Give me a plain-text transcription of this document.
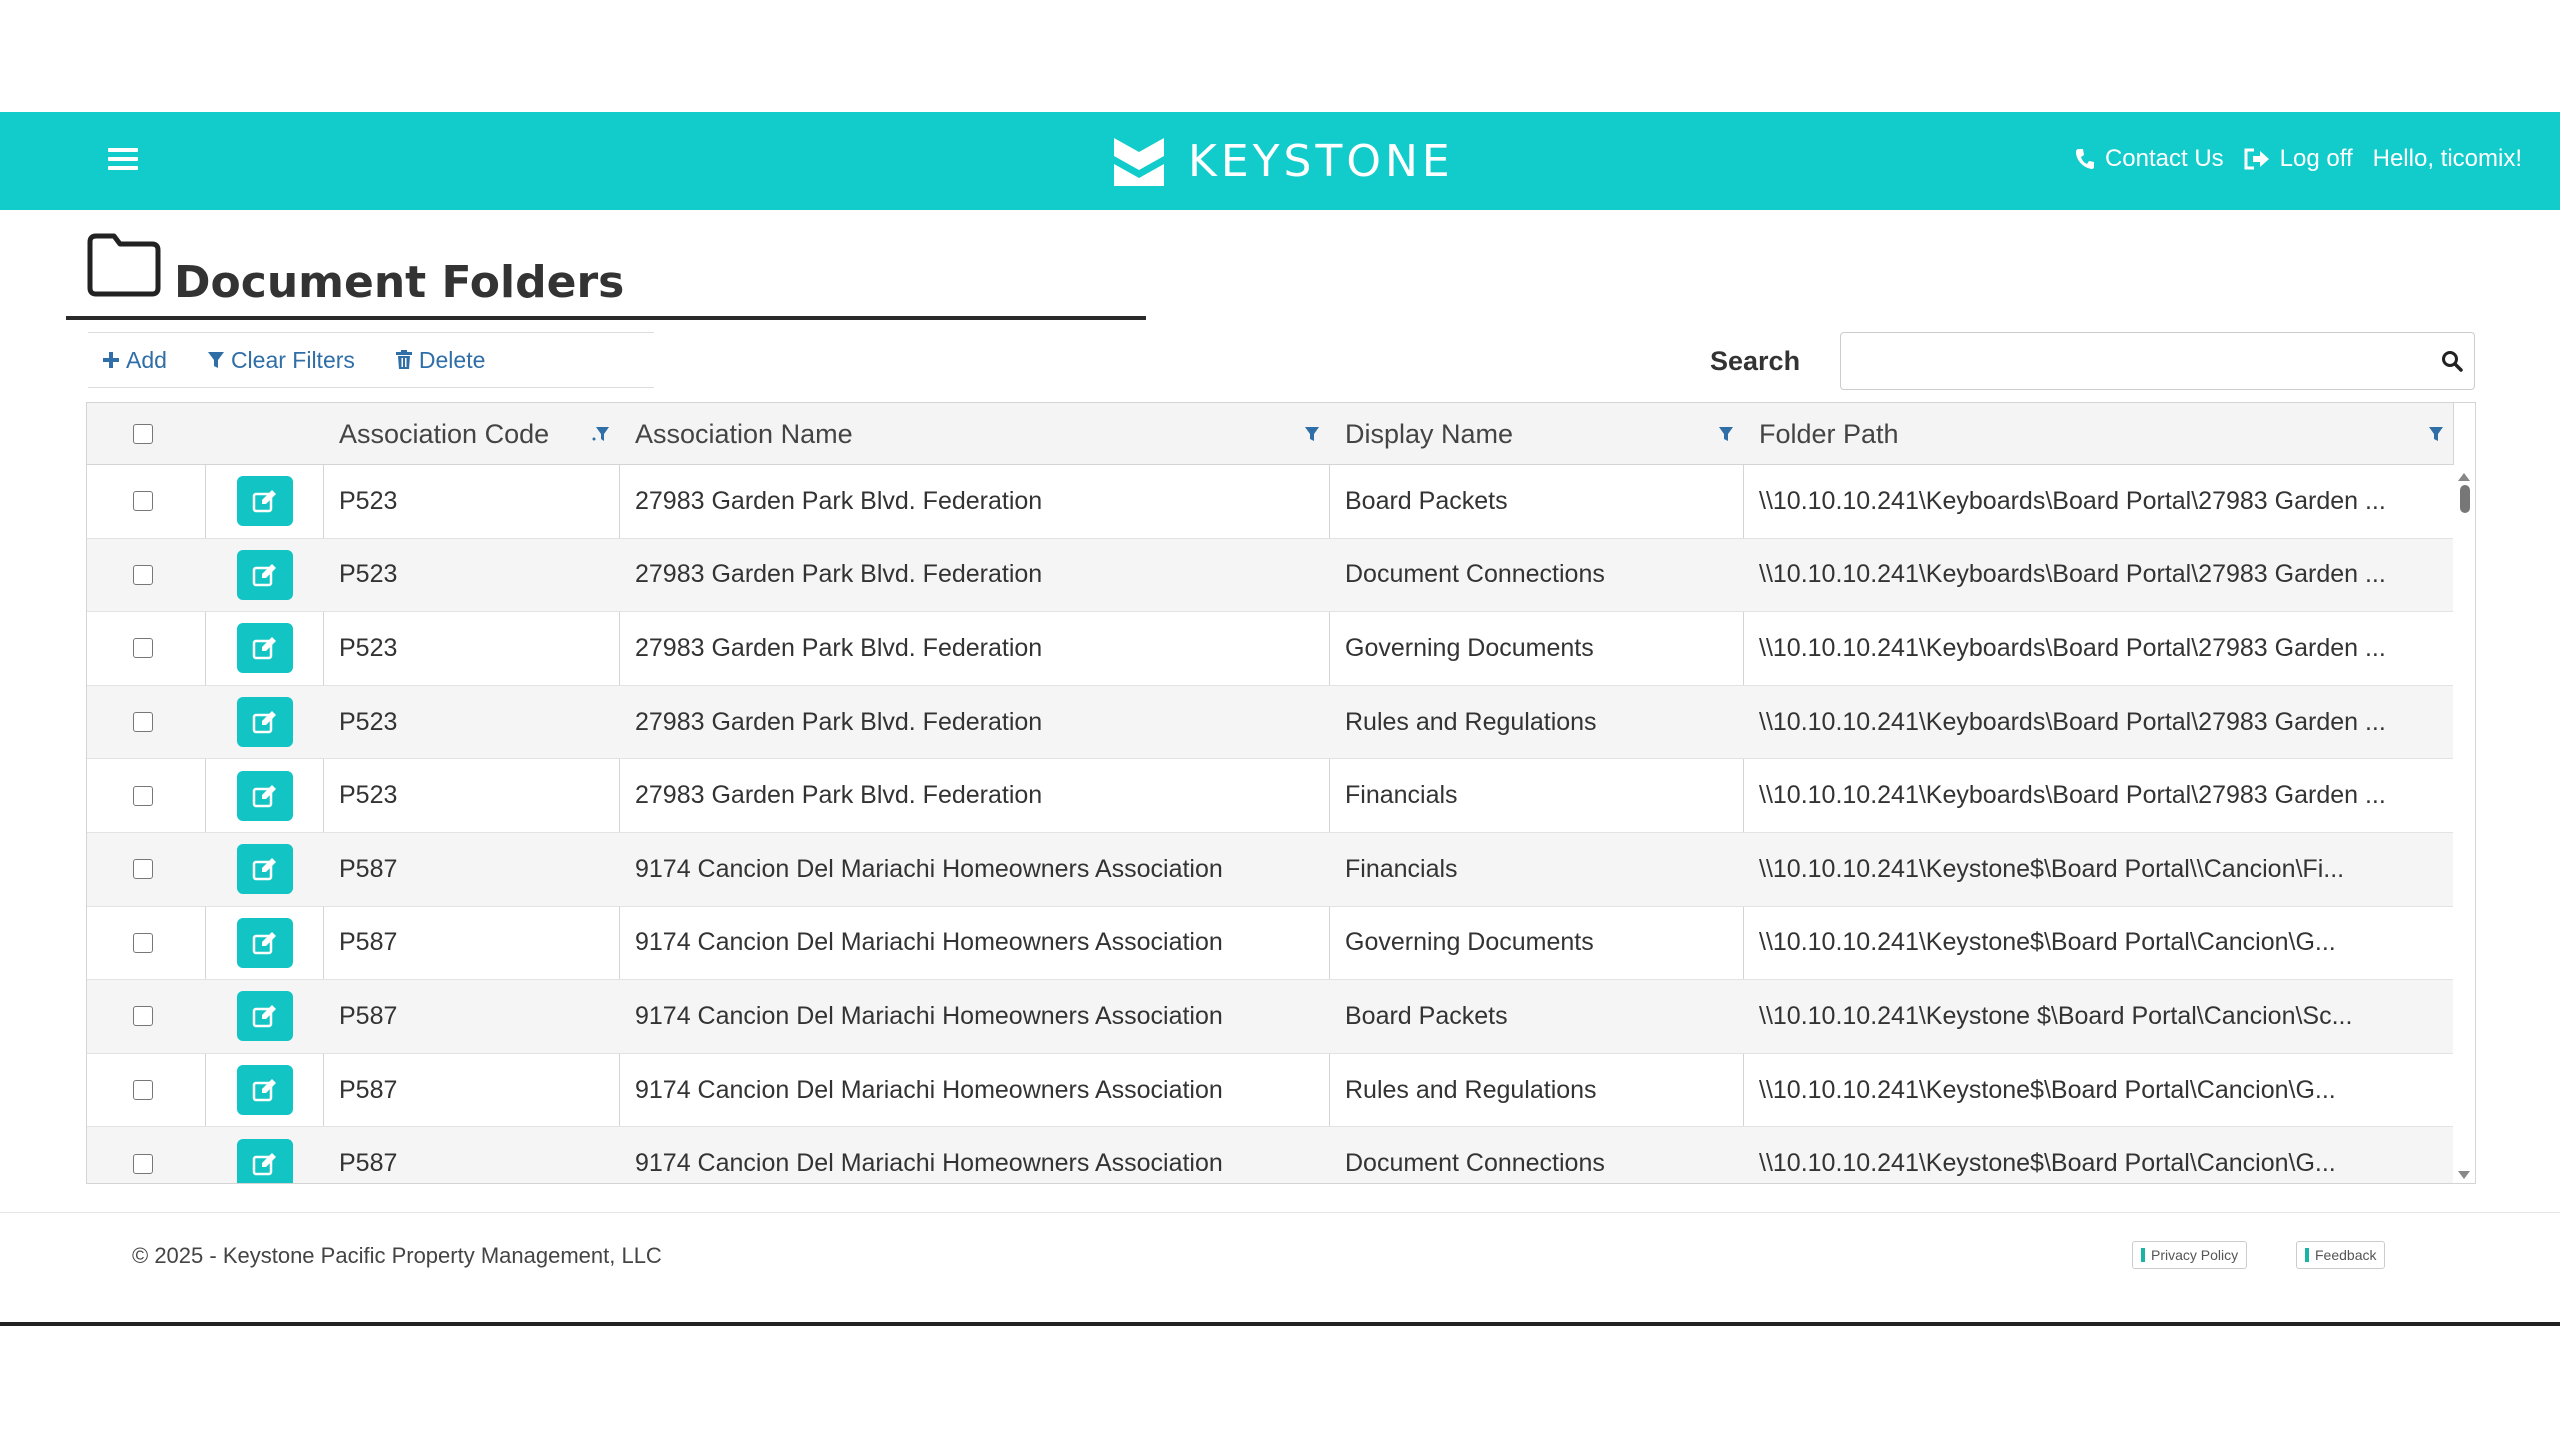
KEYSTONE	Contact Us Log off Hello, ticomix!
Document Folders
Add	Clear Filters	Delete	Search
Association Code	Association Name	Display Name	Folder Path
P523	27983 Garden Park Blvd. Federation	Board Packets	\\10.10.10.241\Keyboards\Board Portal\27983 Garden ...
P523	27983 Garden Park Blvd. Federation	Document Connections	\\10.10.10.241\Keyboards\Board Portal\27983 Garden ...
P523	27983 Garden Park Blvd. Federation	Governing Documents	\\10.10.10.241\Keyboards\Board Portal\27983 Garden ...
P523	27983 Garden Park Blvd. Federation	Rules and Regulations	\\10.10.10.241\Keyboards\Board Portal\27983 Garden ...
P523	27983 Garden Park Blvd. Federation	Financials	\\10.10.10.241\Keyboards\Board Portal\27983 Garden ...
P587	9174 Cancion Del Mariachi Homeowners Association	Financials	\\10.10.10.241\Keystone$\Board Portal\\Cancion\Fi...
P587	9174 Cancion Del Mariachi Homeowners Association	Governing Documents	\\10.10.10.241\Keystone$\Board Portal\Cancion\G...
P587	9174 Cancion Del Mariachi Homeowners Association	Board Packets	\\10.10.10.241\Keystone $\Board Portal\Cancion\Sc...
P587	9174 Cancion Del Mariachi Homeowners Association	Rules and Regulations	\\10.10.10.241\Keystone$\Board Portal\Cancion\G...
P587	9174 Cancion Del Mariachi Homeowners Association	Document Connections	\\10.10.10.241\Keystone$\Board Portal\Cancion\G...
© 2025 - Keystone Pacific Property Management, LLC	Privacy Policy	Feedback
